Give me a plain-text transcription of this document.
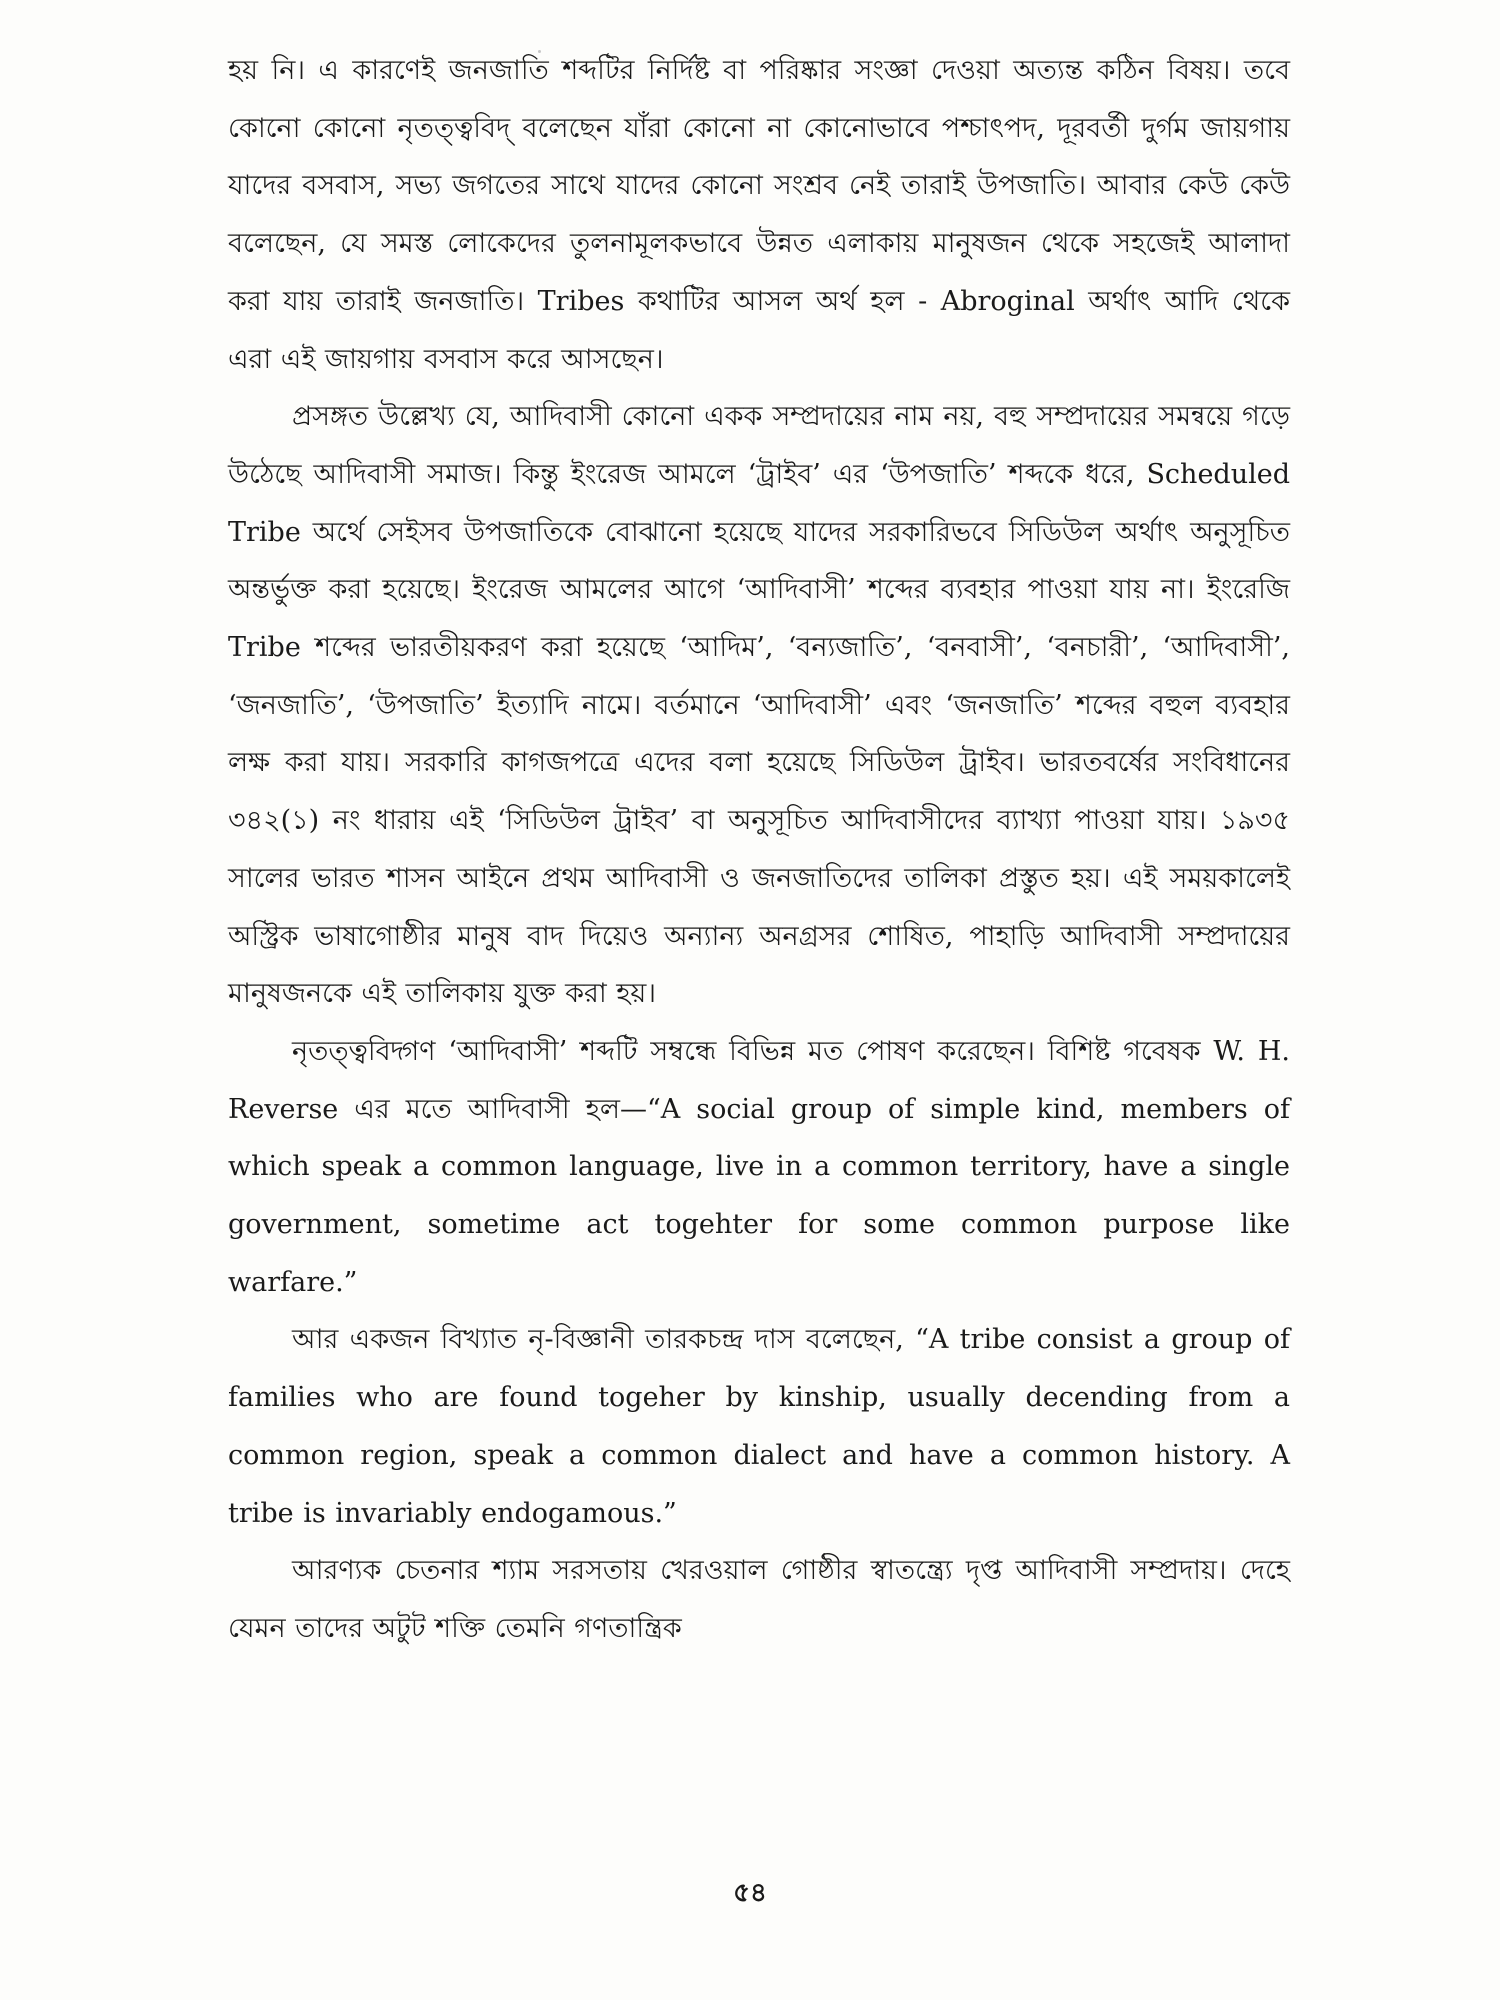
হয় নি। এ কারণেই জনজাতি শব্দটির নির্দিষ্ট বা পরিষ্কার সংজ্ঞা দেওয়া অত্যন্ত কঠিন বিষয়। তবে কোনো কোনো নৃতত্ত্ববিদ্ বলেছেন যাঁরা কোনো না কোনোভাবে পশ্চাৎপদ, দূরবর্তী দুর্গম জায়গায় যাদের বসবাস, সভ্য জগতের সাথে যাদের কোনো সংশ্রব নেই তারাই উপজাতি। আবার কেউ কেউ বলেছেন, যে সমস্ত লোকেদের তুলনামূলকভাবে উন্নত এলাকায় মানুষজন থেকে সহজেই আলাদা করা যায় তারাই জনজাতি। Tribes কথাটির আসল অর্থ হল - Abroginal অর্থাৎ আদি থেকে এরা এই জায়গায় বসবাস করে আসছেন।

প্রসঙ্গত উল্লেখ্য যে, আদিবাসী কোনো একক সম্প্রদায়ের নাম নয়, বহু সম্প্রদায়ের সমন্বয়ে গড়ে উঠেছে আদিবাসী সমাজ। কিন্তু ইংরেজ আমলে ‘ট্রাইব’ এর ‘উপজাতি’ শব্দকে ধরে, Scheduled Tribe অর্থে সেইসব উপজাতিকে বোঝানো হয়েছে যাদের সরকারিভবে সিডিউল অর্থাৎ অনুসূচিত অন্তর্ভুক্ত করা হয়েছে। ইংরেজ আমলের আগে ‘আদিবাসী’ শব্দের ব্যবহার পাওয়া যায় না। ইংরেজি Tribe শব্দের ভারতীয়করণ করা হয়েছে ‘আদিম’, ‘বন্যজাতি’, ‘বনবাসী’, ‘বনচারী’, ‘আদিবাসী’, ‘জনজাতি’, ‘উপজাতি’ ইত্যাদি নামে। বর্তমানে ‘আদিবাসী’ এবং ‘জনজাতি’ শব্দের বহুল ব্যবহার লক্ষ করা যায়। সরকারি কাগজপত্রে এদের বলা হয়েছে সিডিউল ট্রাইব। ভারতবর্ষের সংবিধানের ৩৪২(১) নং ধারায় এই ‘সিডিউল ট্রাইব’ বা অনুসূচিত আদিবাসীদের ব্যাখ্যা পাওয়া যায়। ১৯৩৫ সালের ভারত শাসন আইনে প্রথম আদিবাসী ও জনজাতিদের তালিকা প্রস্তুত হয়। এই সময়কালেই অস্ট্রিক ভাষাগোষ্ঠীর মানুষ বাদ দিয়েও অন্যান্য অনগ্রসর শোষিত, পাহাড়ি আদিবাসী সম্প্রদায়ের মানুষজনকে এই তালিকায় যুক্ত করা হয়।

নৃতত্ত্ববিদ্গণ ‘আদিবাসী’ শব্দটি সম্বন্ধে বিভিন্ন মত পোষণ করেছেন। বিশিষ্ট গবেষক W. H. Reverse এর মতে আদিবাসী হল—“A social group of simple kind, members of which speak a common language, live in a common territory, have a single government, sometime act togehter for some common purpose like warfare.”

আর একজন বিখ্যাত নৃ-বিজ্ঞানী তারকচন্দ্র দাস বলেছেন, “A tribe consist a group of families who are found togeher by kinship, usually decending from a common region, speak a common dialect and have a common history. A tribe is invariably endogamous.”

আরণ্যক চেতনার শ্যাম সরসতায় খেরওয়াল গোষ্ঠীর স্বাতন্ত্র্যে দৃপ্ত আদিবাসী সম্প্রদায়। দেহে যেমন তাদের অটুট শক্তি তেমনি গণতান্ত্রিক

৫৪
